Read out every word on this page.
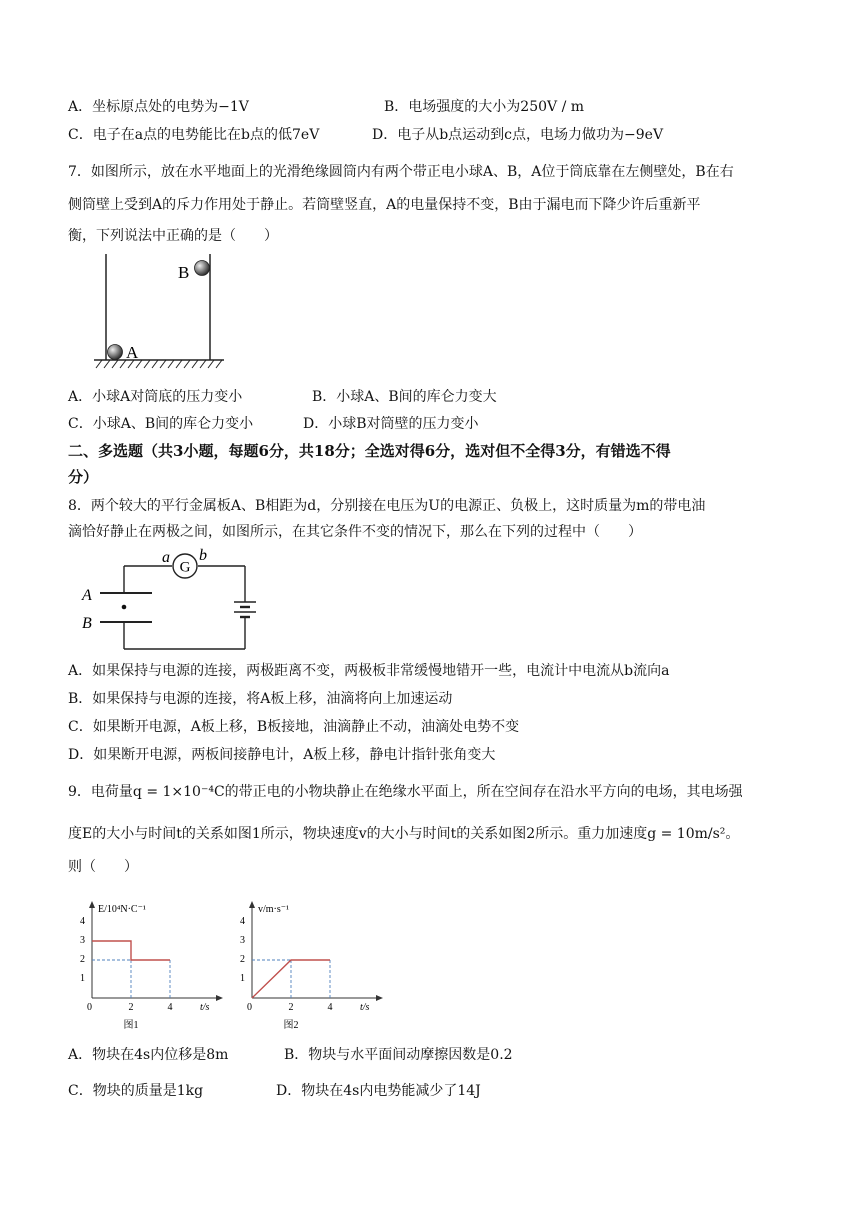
A．坐标原点处的电势为−1V	B．电场强度的大小为250V / m
C．电子在a点的电势能比在b点的低7eV	D．电子从b点运动到c点，电场力做功为−9eV
7．如图所示，放在水平地面上的光滑绝缘圆筒内有两个带正电小球A、B，A位于筒底靠在左侧壁处，B在右
侧筒壁上受到A的斥力作用处于静止。若筒壁竖直，A的电量保持不变，B由于漏电而下降少许后重新平
衡，下列说法中正确的是（　　）
A
B
A．小球A对筒底的压力变小	B．小球A、B间的库仑力变大
C．小球A、B间的库仑力变小	D．小球B对筒壁的压力变小
二、多选题（共3小题，每题6分，共18分；全选对得6分，选对但不全得3分，有错选不得
分）
8．两个较大的平行金属板A、B相距为d，分别接在电压为U的电源正、负极上，这时质量为m的带电油
滴恰好静止在两极之间，如图所示，在其它条件不变的情况下，那么在下列的过程中（　　）
G
a b
A
B
A．如果保持与电源的连接，两极距离不变，两极板非常缓慢地错开一些，电流计中电流从b流向a
B．如果保持与电源的连接，将A板上移，油滴将向上加速运动
C．如果断开电源，A板上移，B板接地，油滴静止不动，油滴处电势不变
D．如果断开电源，两板间接静电计，A板上移，静电计指针张角变大
9．电荷量q = 1×10⁻⁴C的带正电的小物块静止在绝缘水平面上，所在空间存在沿水平方向的电场，其电场强
度E的大小与时间t的关系如图1所示，物块速度v的大小与时间t的关系如图2所示。重力加速度g = 10m/s²。
则（　　）
E/10⁴N·C⁻¹
t/s
0	2	4
1
2
3
4
图1
v/m·s⁻¹
t/s
0	2	4
1
2
3
4
图2
A．物块在4s内位移是8m	B．物块与水平面间动摩擦因数是0.2
C．物块的质量是1kg	D．物块在4s内电势能减少了14J
